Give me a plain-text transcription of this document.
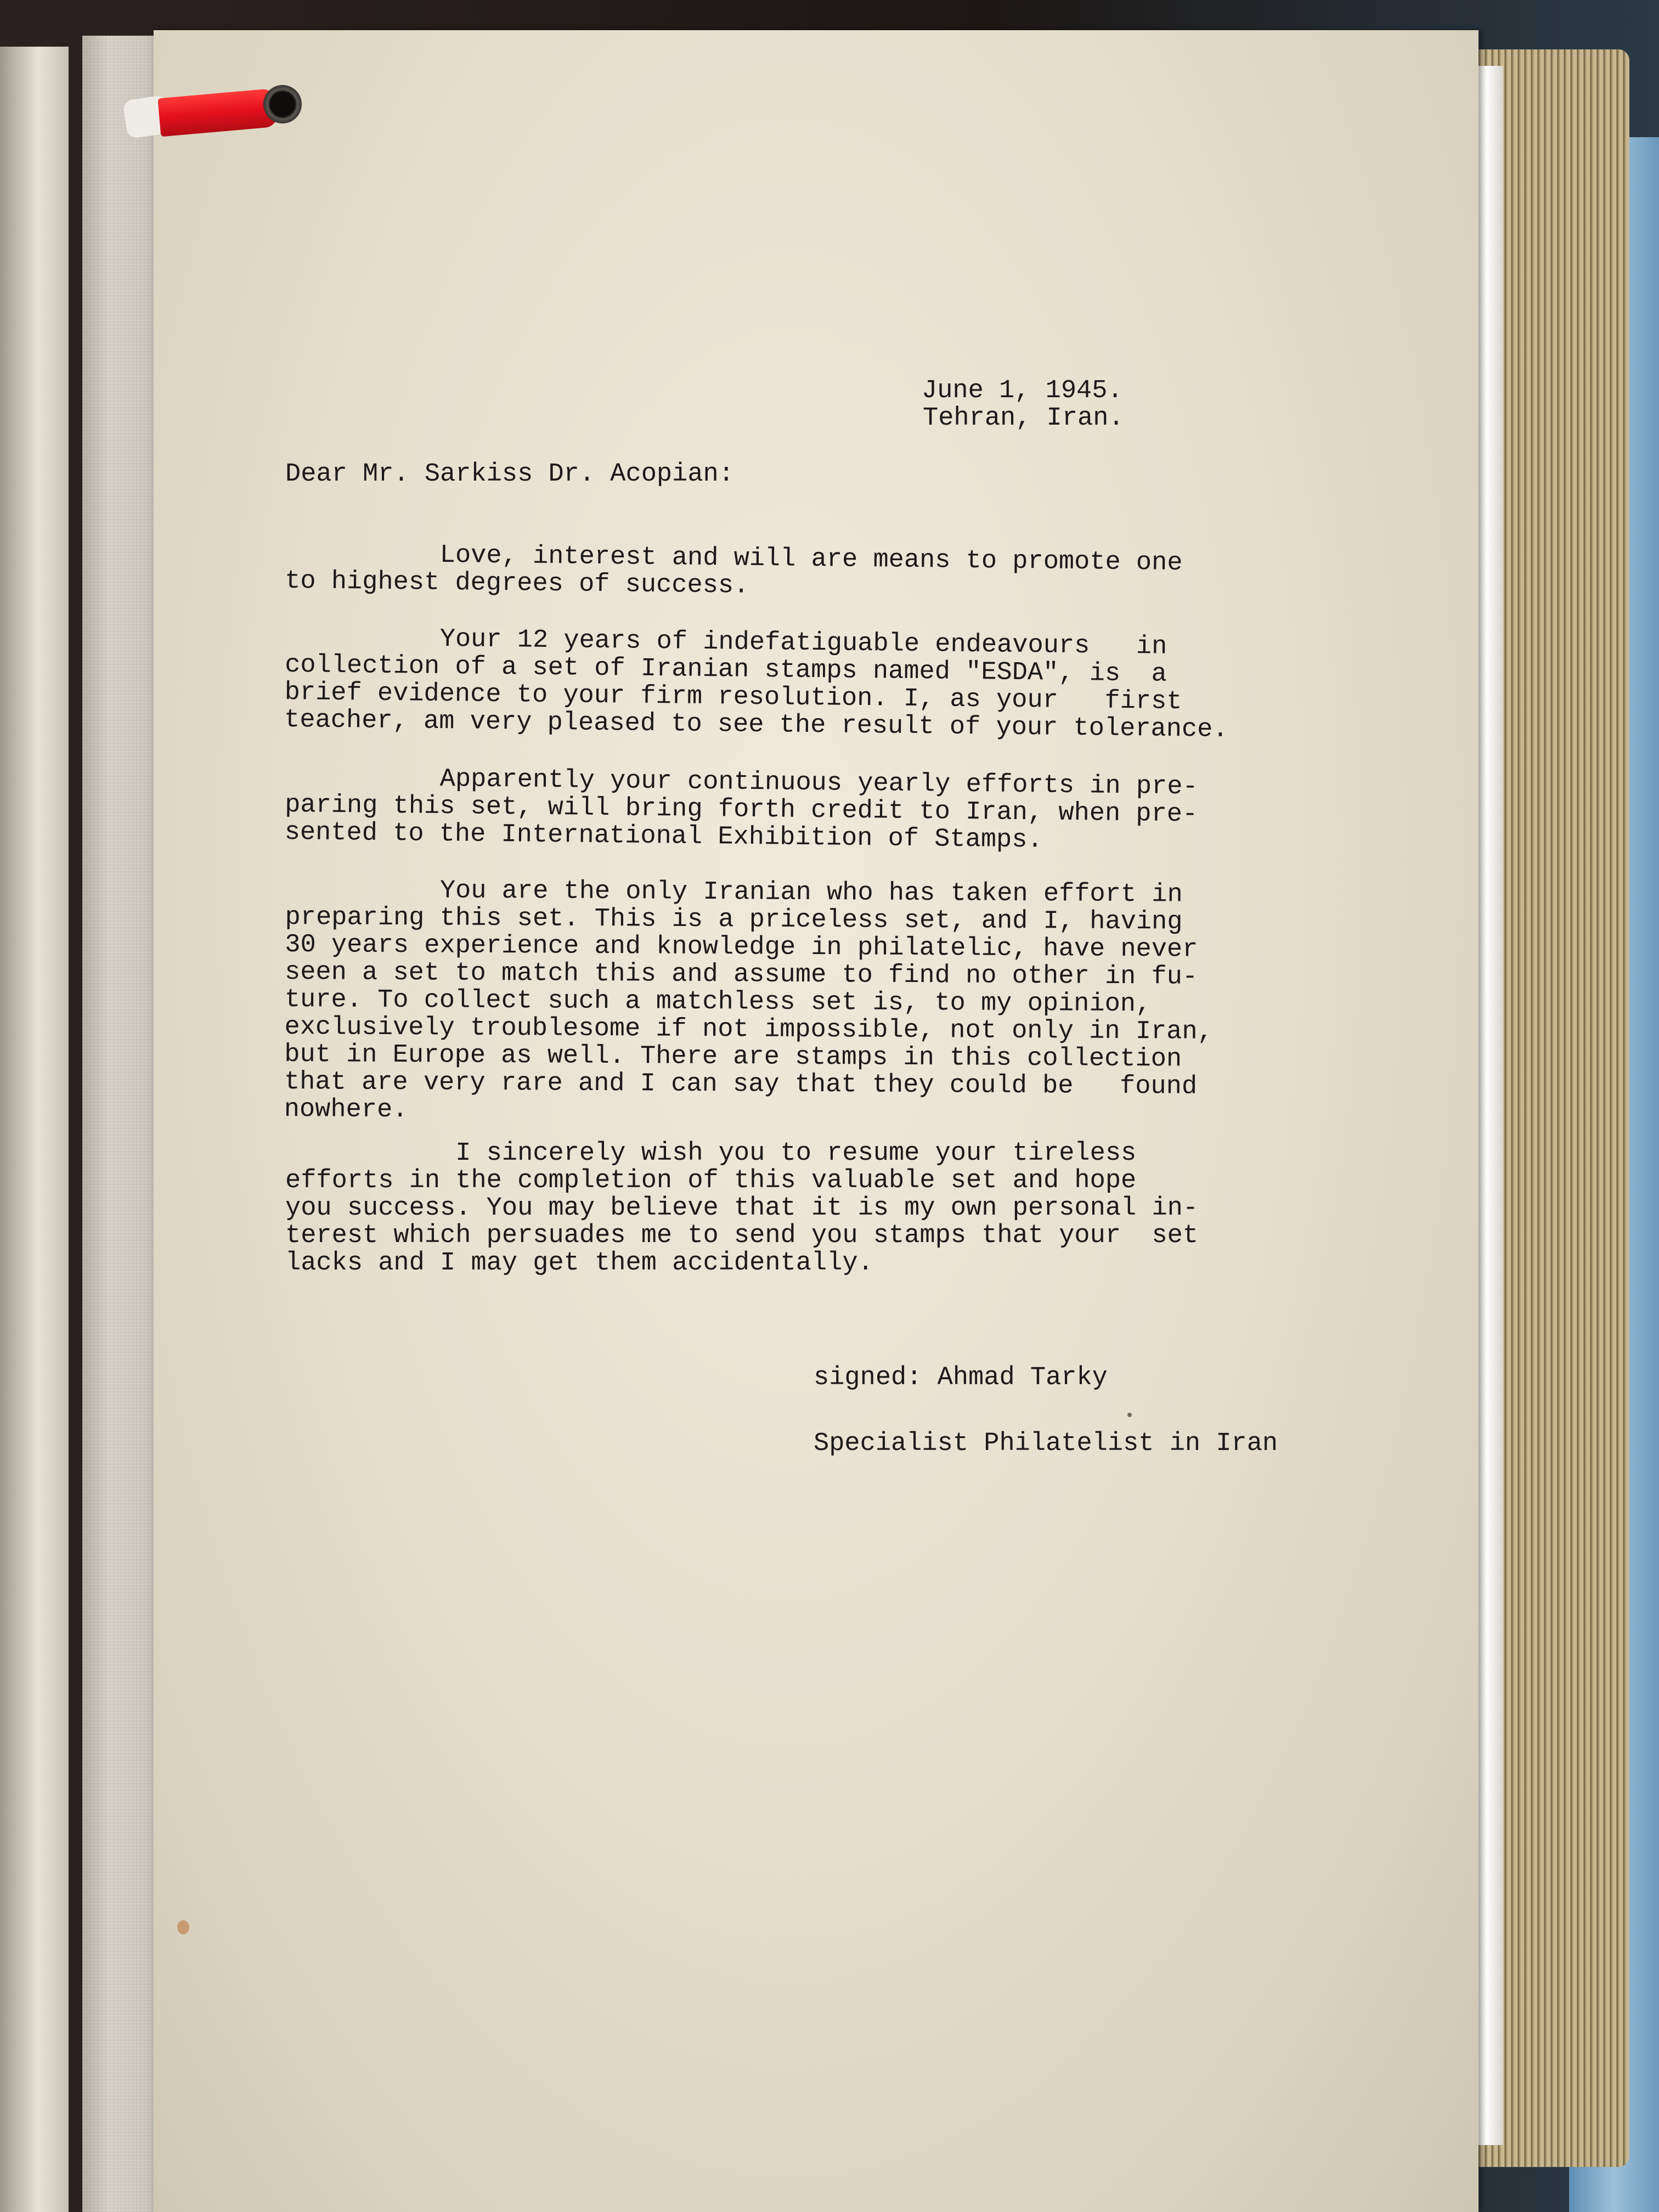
June 1, 1945.
Tehran, Iran.
Dear Mr. Sarkiss Dr. Acopian:
Love, interest and will are means to promote one
to highest degrees of success.
Your 12 years of indefatiguable endeavours   in
collection of a set of Iranian stamps named "ESDA", is  a
brief evidence to your firm resolution. I, as your   first
teacher, am very pleased to see the result of your tolerance.
Apparently your continuous yearly efforts in pre-
paring this set, will bring forth credit to Iran, when pre-
sented to the International Exhibition of Stamps.
You are the only Iranian who has taken effort in
preparing this set. This is a priceless set, and I, having
30 years experience and knowledge in philatelic, have never
seen a set to match this and assume to find no other in fu-
ture. To collect such a matchless set is, to my opinion,
exclusively troublesome if not impossible, not only in Iran,
but in Europe as well. There are stamps in this collection
that are very rare and I can say that they could be   found
nowhere.
I sincerely wish you to resume your tireless
efforts in the completion of this valuable set and hope
you success. You may believe that it is my own personal in-
terest which persuades me to send you stamps that your  set
lacks and I may get them accidentally.
signed: Ahmad Tarky
Specialist Philatelist in Iran
